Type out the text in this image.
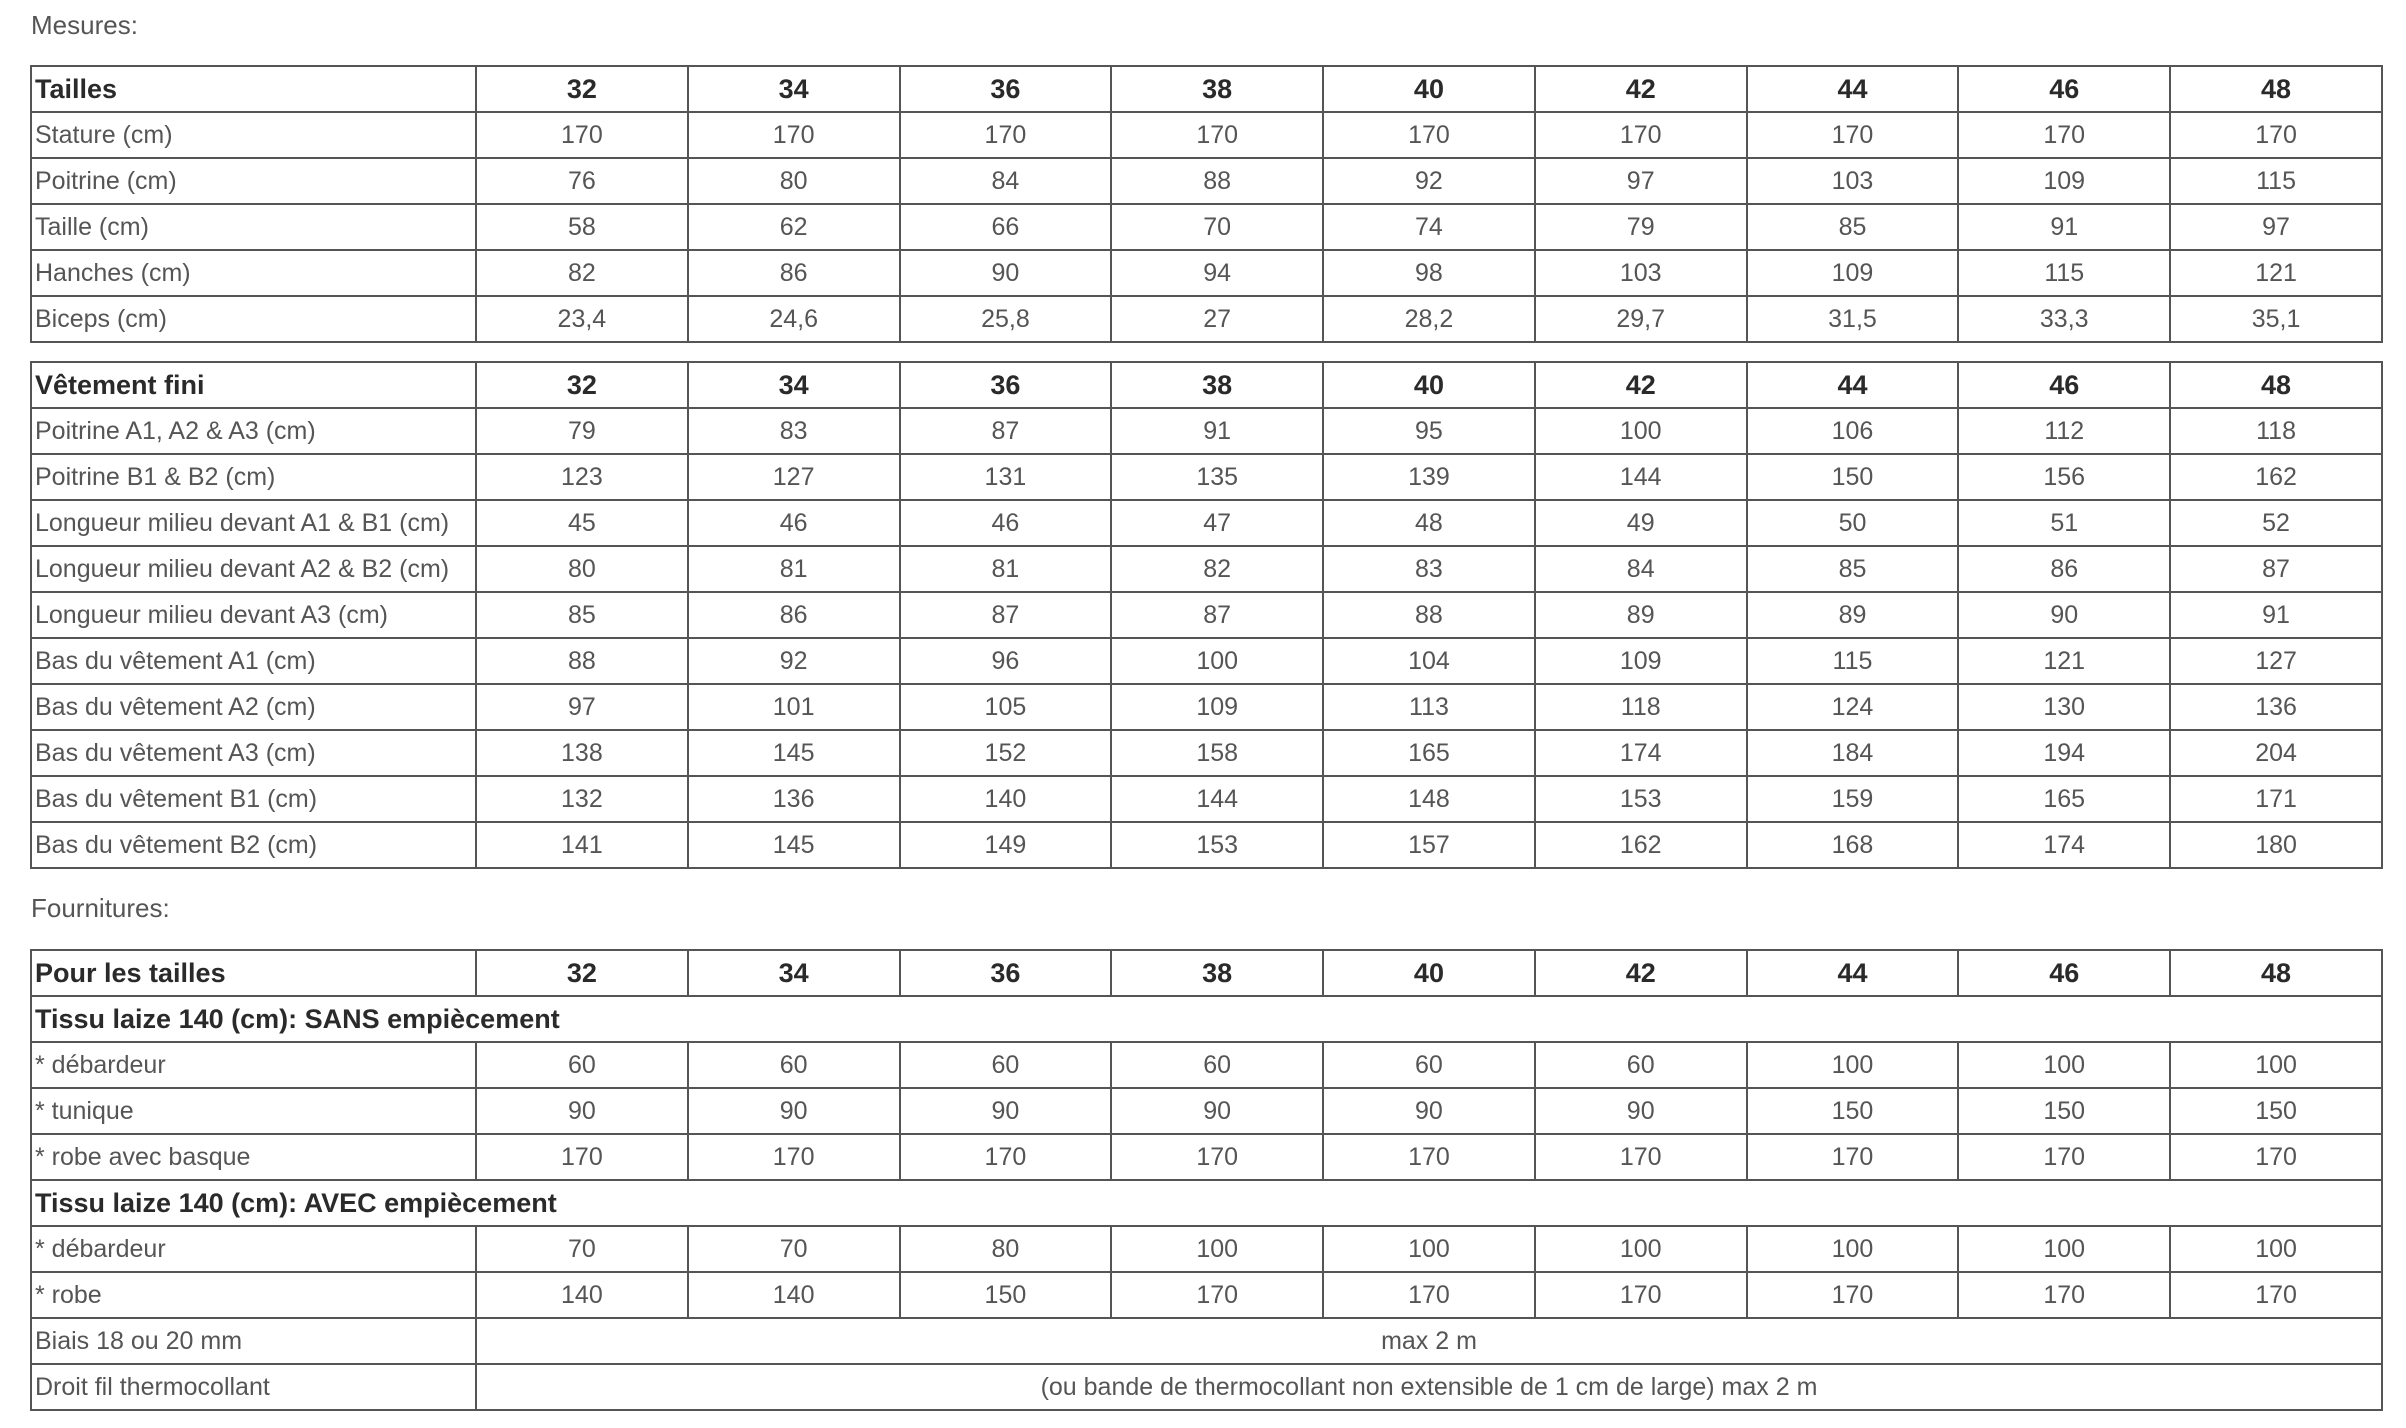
Mesures:
Tailles	32	34	36	38	40	42	44	46	48
Stature (cm)	170	170	170	170	170	170	170	170	170
Poitrine (cm)	76	80	84	88	92	97	103	109	115
Taille (cm)	58	62	66	70	74	79	85	91	97
Hanches (cm)	82	86	90	94	98	103	109	115	121
Biceps (cm)	23,4	24,6	25,8	27	28,2	29,7	31,5	33,3	35,1
Vêtement fini	32	34	36	38	40	42	44	46	48
Poitrine A1, A2 & A3 (cm)	79	83	87	91	95	100	106	112	118
Poitrine B1 & B2 (cm)	123	127	131	135	139	144	150	156	162
Longueur milieu devant A1 & B1 (cm)	45	46	46	47	48	49	50	51	52
Longueur milieu devant A2 & B2 (cm)	80	81	81	82	83	84	85	86	87
Longueur milieu devant A3 (cm)	85	86	87	87	88	89	89	90	91
Bas du vêtement A1 (cm)	88	92	96	100	104	109	115	121	127
Bas du vêtement A2 (cm)	97	101	105	109	113	118	124	130	136
Bas du vêtement A3 (cm)	138	145	152	158	165	174	184	194	204
Bas du vêtement B1 (cm)	132	136	140	144	148	153	159	165	171
Bas du vêtement B2 (cm)	141	145	149	153	157	162	168	174	180
Fournitures:
Pour les tailles	32	34	36	38	40	42	44	46	48
Tissu laize 140 (cm): SANS empiècement									
* débardeur	60	60	60	60	60	60	100	100	100
* tunique	90	90	90	90	90	90	150	150	150
* robe avec basque	170	170	170	170	170	170	170	170	170
Tissu laize 140 (cm): AVEC empiècement									
* débardeur	70	70	80	100	100	100	100	100	100
* robe	140	140	150	170	170	170	170	170	170
Biais 18 ou 20 mm	max 2 m								
Droit fil thermocollant	(ou bande de thermocollant non extensible de 1 cm de large) max 2 m								
